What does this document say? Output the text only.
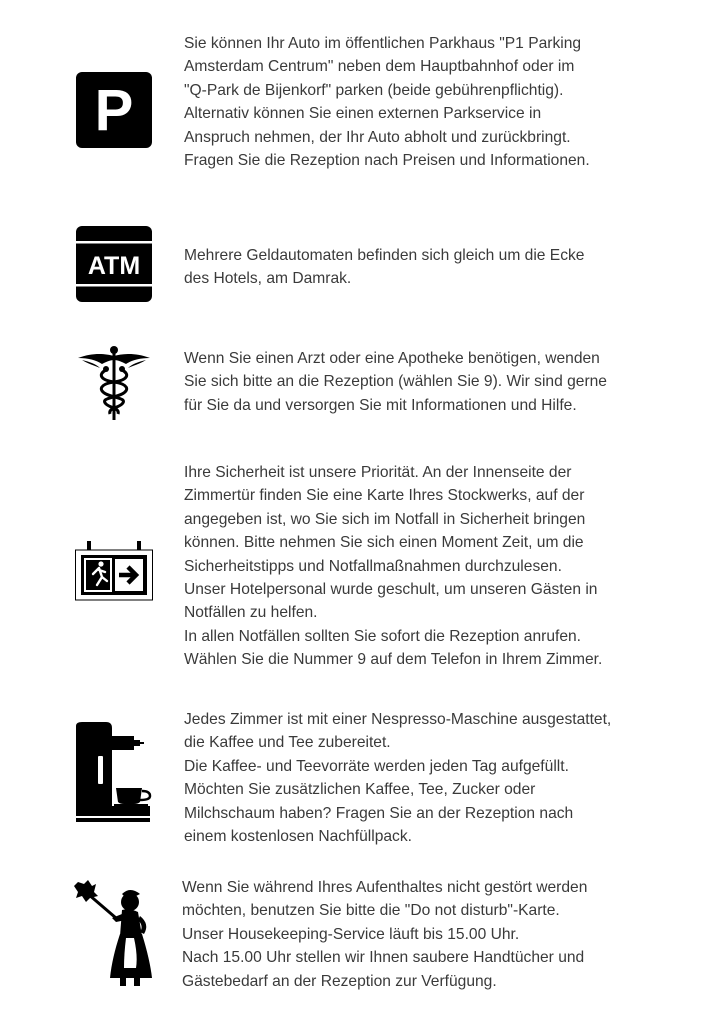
P
Sie können Ihr Auto im öffentlichen Parkhaus "P1 Parking
Amsterdam Centrum" neben dem Hauptbahnhof oder im
"Q-Park de Bijenkorf" parken (beide gebührenpflichtig).
Alternativ können Sie einen externen Parkservice in
Anspruch nehmen, der Ihr Auto abholt und zurückbringt.
Fragen Sie die Rezeption nach Preisen und Informationen.
ATM	Mehrere Geldautomaten befinden sich gleich um die Ecke
des Hotels, am Damrak.
Wenn Sie einen Arzt oder eine Apotheke benötigen, wenden
Sie sich bitte an die Rezeption (wählen Sie 9). Wir sind gerne
für Sie da und versorgen Sie mit Informationen und Hilfe.
Ihre Sicherheit ist unsere Priorität. An der Innenseite der
Zimmertür finden Sie eine Karte Ihres Stockwerks, auf der
angegeben ist, wo Sie sich im Notfall in Sicherheit bringen
können. Bitte nehmen Sie sich einen Moment Zeit, um die
Sicherheitstipps und Notfallmaßnahmen durchzulesen.
Unser Hotelpersonal wurde geschult, um unseren Gästen in
Notfällen zu helfen.
In allen Notfällen sollten Sie sofort die Rezeption anrufen.
Wählen Sie die Nummer 9 auf dem Telefon in Ihrem Zimmer.
Jedes Zimmer ist mit einer Nespresso-Maschine ausgestattet,
die Kaffee und Tee zubereitet.
Die Kaffee- und Teevorräte werden jeden Tag aufgefüllt.
Möchten Sie zusätzlichen Kaffee, Tee, Zucker oder
Milchschaum haben? Fragen Sie an der Rezeption nach
einem kostenlosen Nachfüllpack.
Wenn Sie während Ihres Aufenthaltes nicht gestört werden
möchten, benutzen Sie bitte die "Do not disturb"-Karte.
Unser Housekeeping-Service läuft bis 15.00 Uhr.
Nach 15.00 Uhr stellen wir Ihnen saubere Handtücher und
Gästebedarf an der Rezeption zur Verfügung.
